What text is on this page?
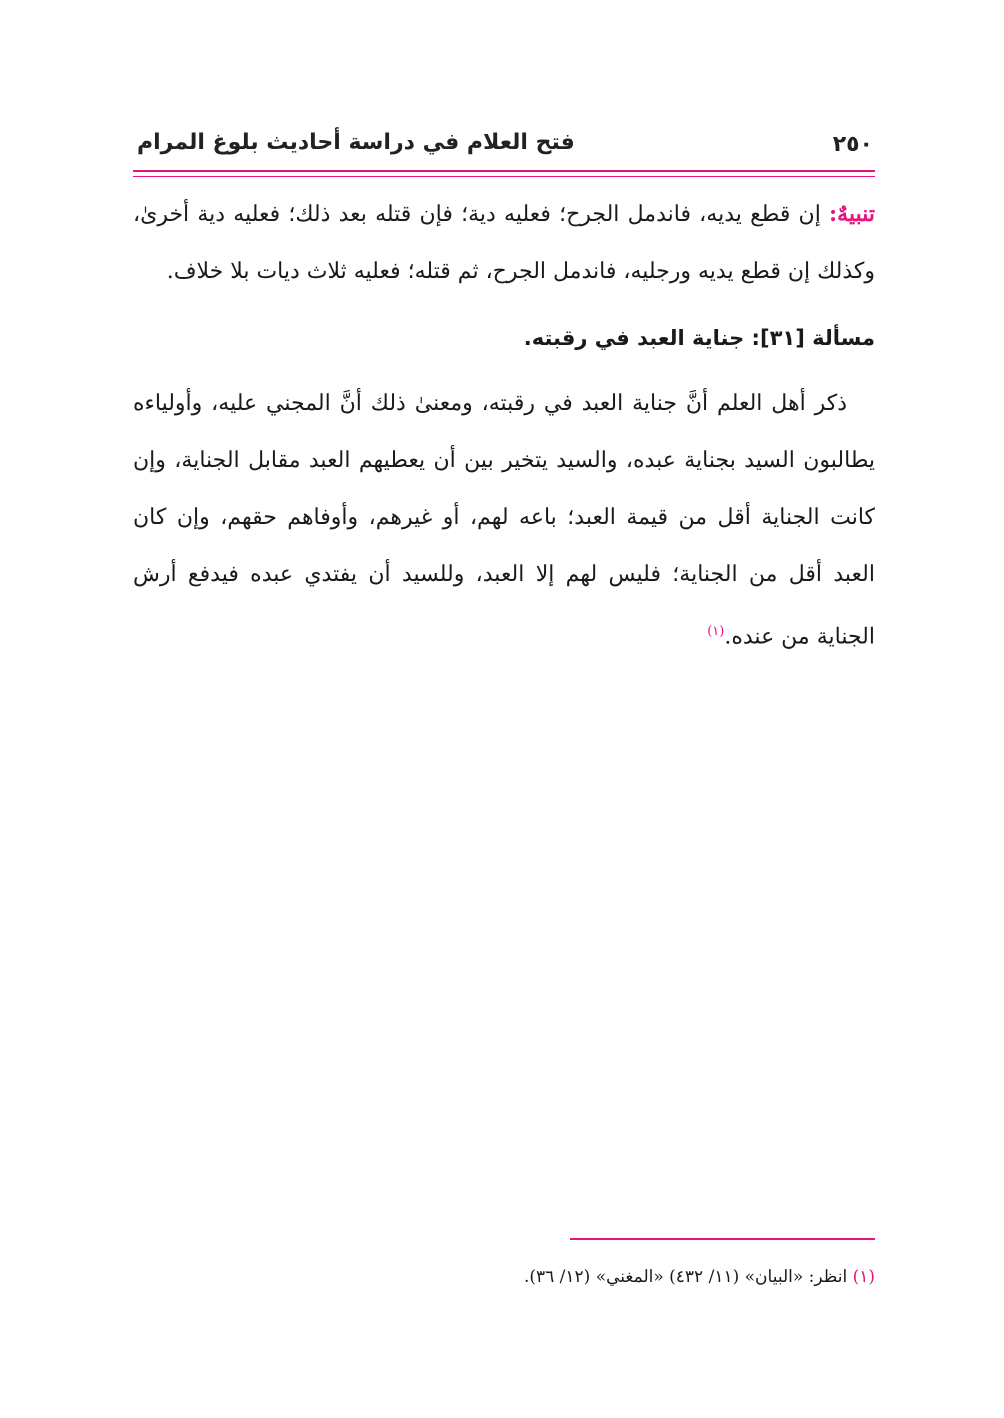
٢٥٠
فتح العلام في دراسة أحاديث بلوغ المرام

تنبيهٌ: إن قطع يديه، فاندمل الجرح؛ فعليه دية؛ فإن قتله بعد ذلك؛ فعليه دية أخرىٰ، وكذلك إن قطع يديه ورجليه، فاندمل الجرح، ثم قتله؛ فعليه ثلاث ديات بلا خلاف.

مسألة [٣١]: جناية العبد في رقبته.

ذكر أهل العلم أنَّ جناية العبد في رقبته، ومعنىٰ ذلك أنَّ المجني عليه، وأولياءه يطالبون السيد بجناية عبده، والسيد يتخير بين أن يعطيهم العبد مقابل الجناية، وإن كانت الجناية أقل من قيمة العبد؛ باعه لهم، أو غيرهم، وأوفاهم حقهم، وإن كان العبد أقل من الجناية؛ فليس لهم إلا العبد، وللسيد أن يفتدي عبده فيدفع أرش الجناية من عنده.$^{(١)}$

(١) انظر: «البيان» (١١/ ٤٣٢) «المغني» (١٢/ ٣٦).
